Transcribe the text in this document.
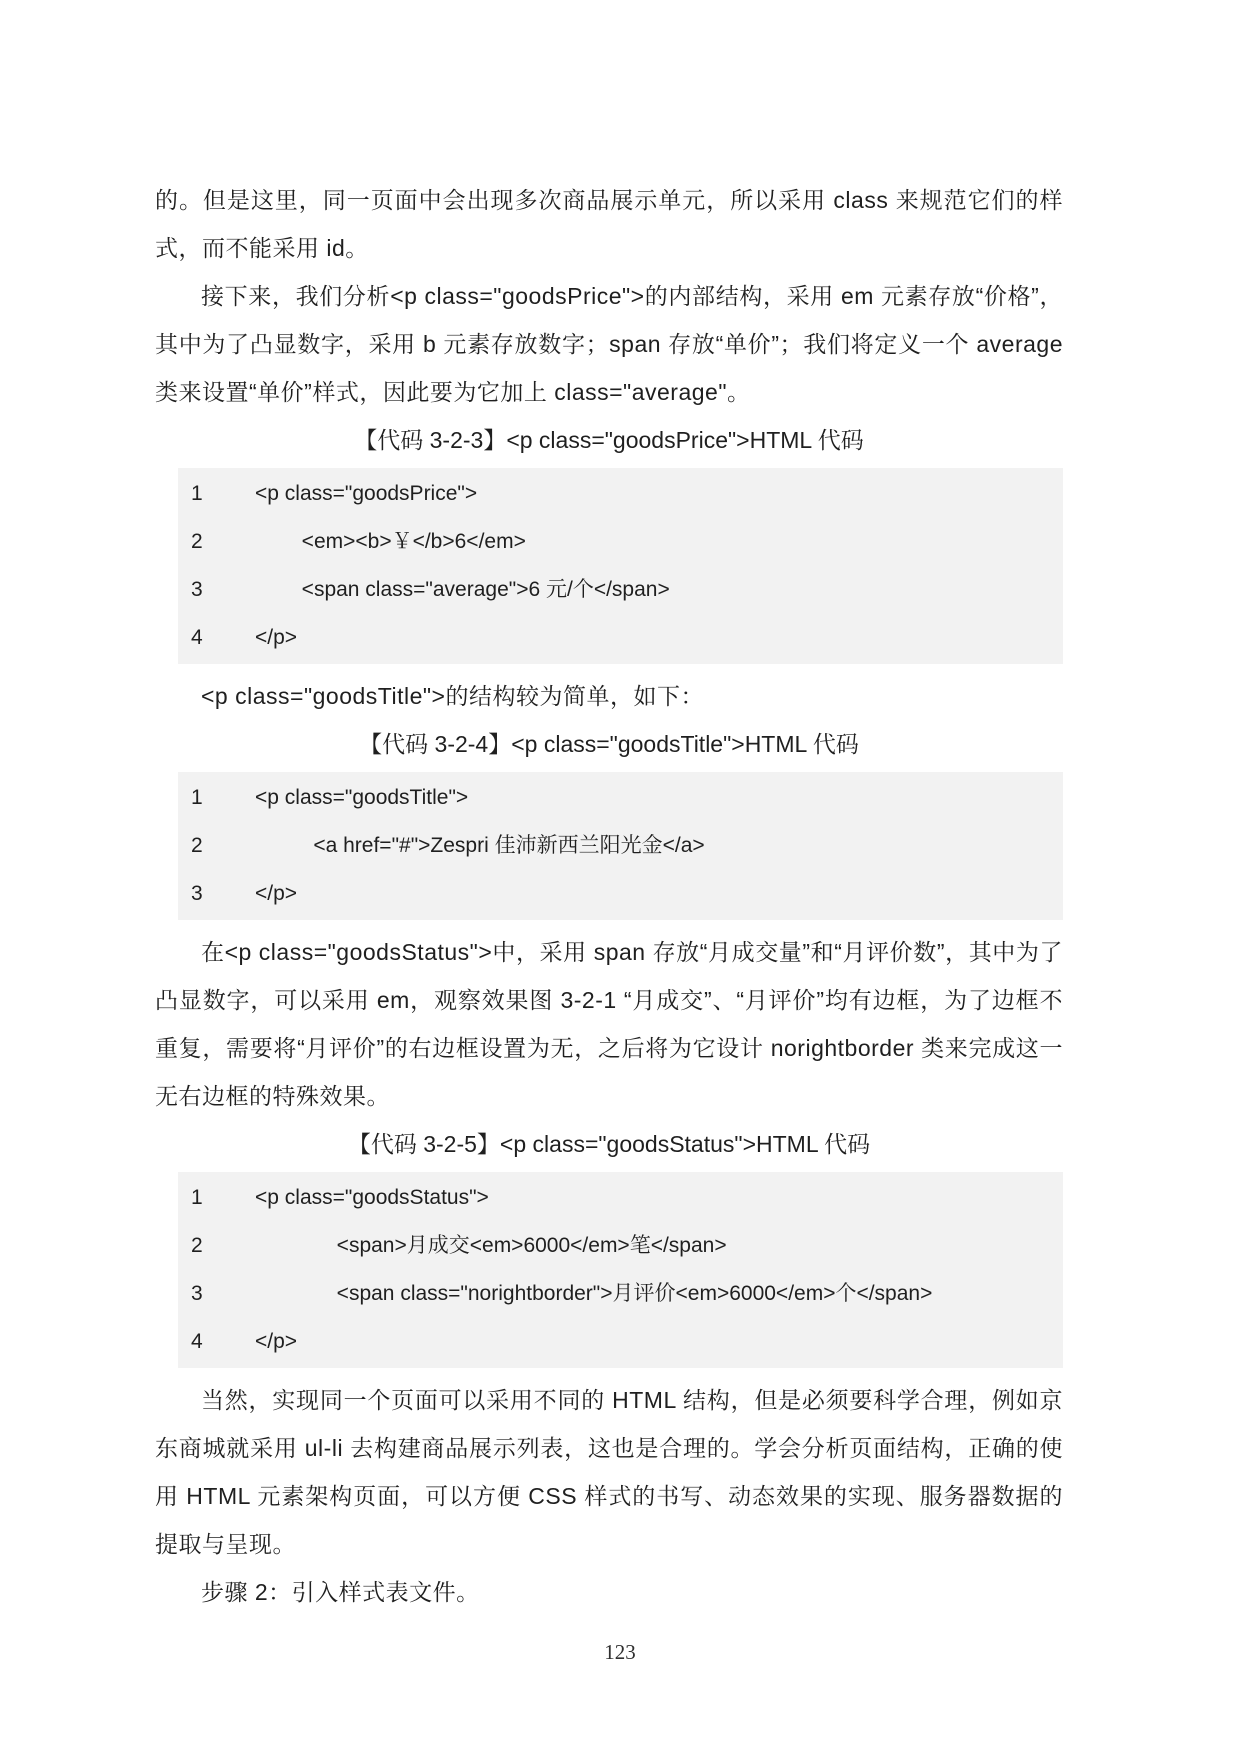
的。但是这里，同一页面中会出现多次商品展示单元，所以采用 class 来规范它们的样式，而不能采用 id。

接下来，我们分析<p class="goodsPrice">的内部结构，采用 em 元素存放“价格”，其中为了凸显数字，采用 b 元素存放数字；span 存放“单价”；我们将定义一个 average 类来设置“单价”样式，因此要为它加上 class="average"。

【代码 3-2-3】<p class="goodsPrice">HTML 代码
1	<p class="goodsPrice">
2	<em><b>￥</b>6</em>
3	<span class="average">6 元/个</span>
4	</p>

<p class="goodsTitle">的结构较为简单，如下：

【代码 3-2-4】<p class="goodsTitle">HTML 代码
1	<p class="goodsTitle">
2	<a href="#">Zespri 佳沛新西兰阳光金</a>
3	</p>

在<p class="goodsStatus">中，采用 span 存放“月成交量”和“月评价数”，其中为了凸显数字，可以采用 em，观察效果图 3-2-1 “月成交”、“月评价”均有边框，为了边框不重复，需要将“月评价”的右边框设置为无，之后将为它设计 norightborder 类来完成这一无右边框的特殊效果。

【代码 3-2-5】<p class="goodsStatus">HTML 代码
1	<p class="goodsStatus">
2	<span>月成交<em>6000</em>笔</span>
3	<span class="norightborder">月评价<em>6000</em>个</span>
4	</p>

当然，实现同一个页面可以采用不同的 HTML 结构，但是必须要科学合理，例如京东商城就采用 ul-li 去构建商品展示列表，这也是合理的。学会分析页面结构，正确的使用 HTML 元素架构页面，可以方便 CSS 样式的书写、动态效果的实现、服务器数据的提取与呈现。

步骤 2：引入样式表文件。

123
